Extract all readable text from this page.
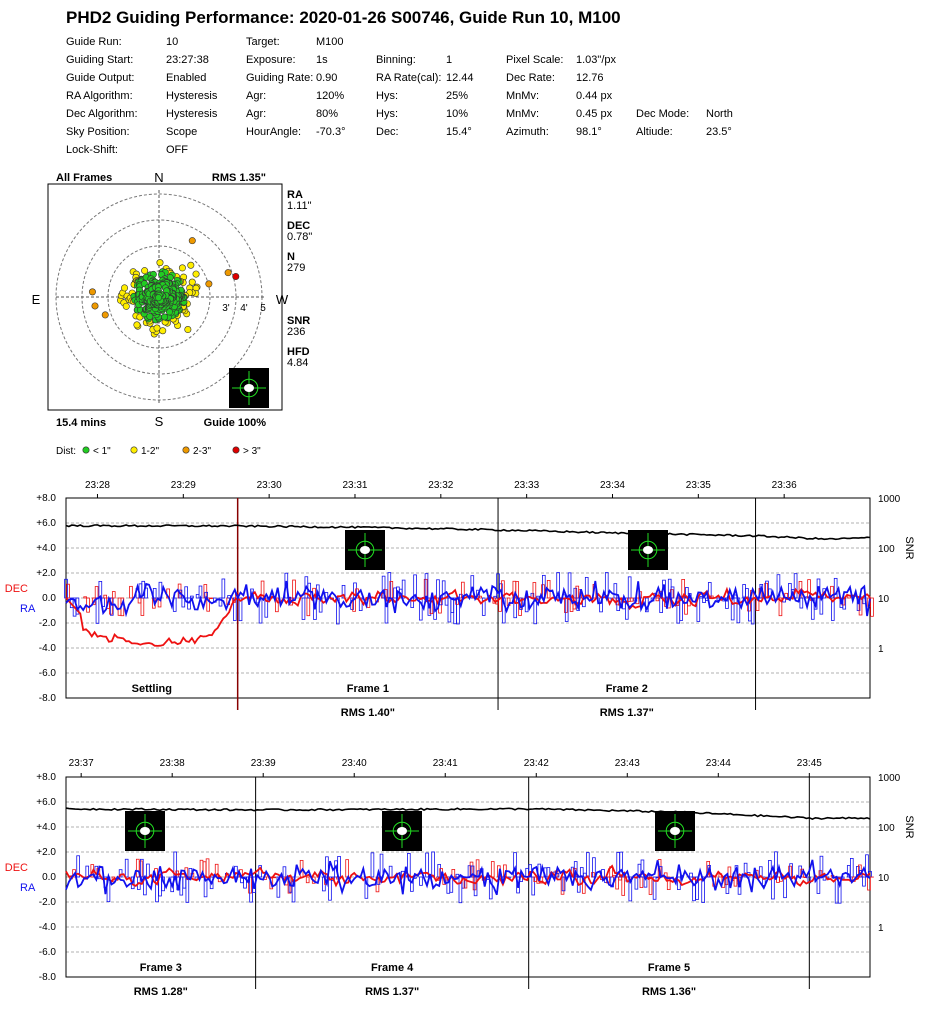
PHD2 Guiding Performance: 2020-01-26 S00746, Guide Run 10, M100
Guide Run:	10	Target:	M100
Guiding Start:	23:27:38	Exposure: 1s	Binning:	1	Pixel Scale: 1.03"/px
Guide Output:	Enabled	Guiding Rate: 0.90	RA Rate(cal): 12.44	Dec Rate: 12.76
RA Algorithm:	Hysteresis	Agr:	120%	Hys:	25%	MnMv:	0.44 px
Dec Algorithm:	Hysteresis	Agr:	80%	Hys:	10%	MnMv:	0.45 px Dec Mode: North
Sky Position:	Scope	HourAngle: -70.3°	Dec:	15.4°	Azimuth: 98.1°	Altiude:	23.5°
Lock-Shift:	OFF
All Frames	RMS 1.35"
15.4 mins	Guide 100%
N
S
E	W
3' 4' 5
RA
1.11"
DEC
0.78"
N
279
SNR
236
HFD
4.84
Dist: < 1"	1-2"	2-3"	> 3"
23:28	23:29	23:30	23:31	23:32	23:33	23:34	23:35	23:36
+8.0
+6.0
+4.0
+2.0
0.0
-2.0
-4.0
-6.0
-8.0
1000
100
10
1
SNR
DEC
RA
Settling	Frame 1
RMS 1.40"
Frame 2
RMS 1.37"
23:37	23:38	23:39	23:40	23:41	23:42	23:43	23:44	23:45
+8.0
+6.0
+4.0
+2.0
0.0
-2.0
-4.0
-6.0
-8.0
1000
100
10
1
SNR
DEC
RA
Frame 3
RMS 1.28"
Frame 4
RMS 1.37"
Frame 5
RMS 1.36"
